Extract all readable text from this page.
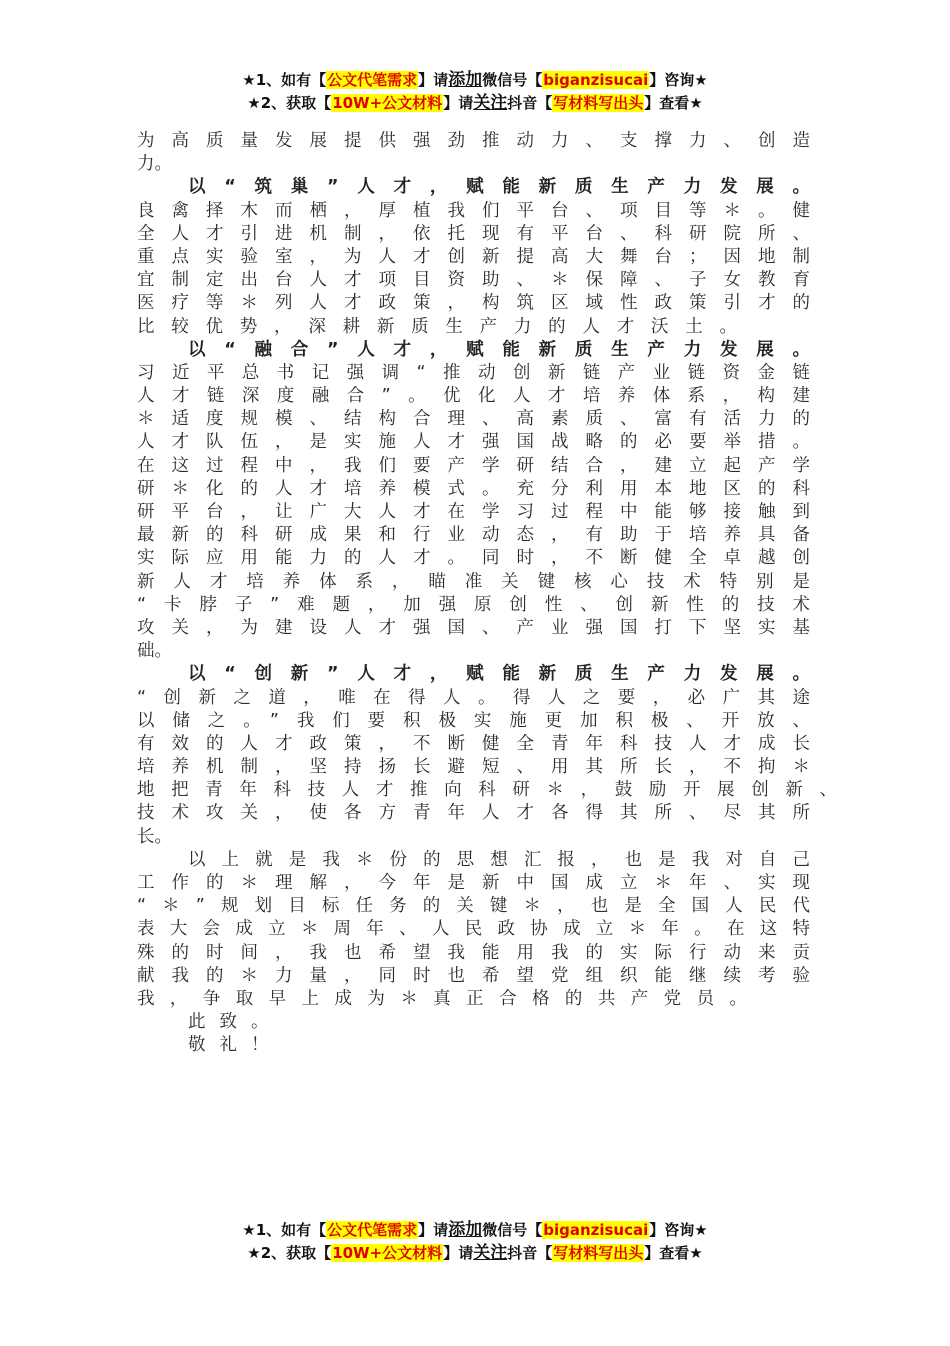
★1、如有【公文代笔需求】请添加微信号【biganzisucai】咨询★
★2、获取【10W+公文材料】请关注抖音【写材料写出头】查看★
为高质量发展提供强劲推动力、支撑力、创造
力。
以“筑巢”人才，赋能新质生产力发展。
良禽择木而栖，厚植我们平台、项目等＊。健
全人才引进机制，依托现有平台、科研院所、
重点实验室，为人才创新提高大舞台；因地制
宜制定出台人才项目资助、＊保障、子女教育
医疗等＊列人才政策，构筑区域性政策引才的
比较优势，深耕新质生产力的人才沃土。
以“融合”人才，赋能新质生产力发展。
习近平总书记强调“推动创新链产业链资金链
人才链深度融合”。优化人才培养体系，构建
＊适度规模、结构合理、高素质、富有活力的
人才队伍，是实施人才强国战略的必要举措。
在这过程中，我们要产学研结合，建立起产学
研＊化的人才培养模式。充分利用本地区的科
研平台，让广大人才在学习过程中能够接触到
最新的科研成果和行业动态，有助于培养具备
实际应用能力的人才。同时，不断健全卓越创
新人才培养体系，瞄准关键核心技术特别是
“卡脖子”难题，加强原创性、创新性的技术
攻关，为建设人才强国、产业强国打下坚实基
础。
以“创新”人才，赋能新质生产力发展。
“创新之道，唯在得人。得人之要，必广其途
以储之。”我们要积极实施更加积极、开放、
有效的人才政策，不断健全青年科技人才成长
培养机制，坚持扬长避短、用其所长，不拘＊
地把青年科技人才推向科研＊，鼓励开展创新、
技术攻关，使各方青年人才各得其所、尽其所
长。
以上就是我＊份的思想汇报，也是我对自己
工作的＊理解，今年是新中国成立＊年、实现
“＊”规划目标任务的关键＊，也是全国人民代
表大会成立＊周年、人民政协成立＊年。在这特
殊的时间，我也希望我能用我的实际行动来贡
献我的＊力量，同时也希望党组织能继续考验
我，争取早上成为＊真正合格的共产党员。
此致。
敬礼！
★1、如有【公文代笔需求】请添加微信号【biganzisucai】咨询★
★2、获取【10W+公文材料】请关注抖音【写材料写出头】查看★
